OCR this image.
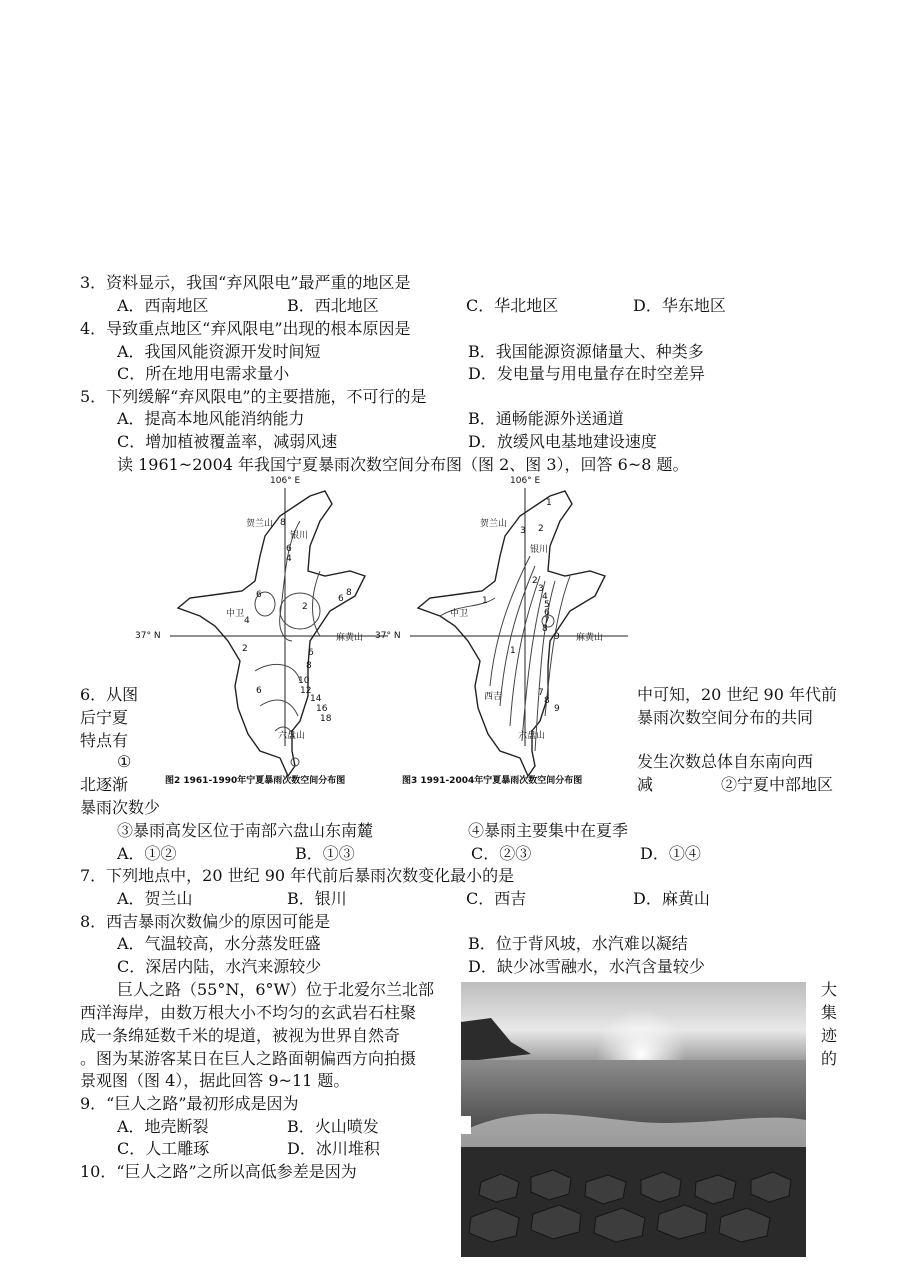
3．资料显示，我国“弃风限电”最严重的地区是
A．西南地区	B．西北地区	C．华北地区	D．华东地区
4．导致重点地区“弃风限电”出现的根本原因是
A．我国风能资源开发时间短	B．我国能源资源储量大、种类多
C．所在地用电需求量小	D．发电量与用电量存在时空差异
5．下列缓解“弃风限电”的主要措施，不可行的是
A．提高本地风能消纳能力	B．通畅能源外送通道
C．增加植被覆盖率，减弱风速	D．放缓风电基地建设速度
读 1961~2004 年我国宁夏暴雨次数空间分布图（图 2、图 3），回答 6~8 题。
106° E
37° N
贺兰山
银川
中卫
麻黄山
六盘山
8
6
4
6
2
6
8
4
6
8
6
10
12
14
16
18
2
106° E
37° N
贺兰山
银川
中卫
麻黄山
西吉
六盘山
1
2
3
1
2
3
4
5
6
7
8
9
1
7
8
9
图2 1961-1990年宁夏暴雨次数空间分布图	图3 1991-2004年宁夏暴雨次数空间分布图
6．从图	中可知，20 世纪 90 年代前
后宁夏	暴雨次数空间分布的共同
特点有
①	发生次数总体自东南向西
北逐渐	减	②宁夏中部地区
暴雨次数少
③暴雨高发区位于南部六盘山东南麓	④暴雨主要集中在夏季
A．①②	B．①③	C．②③	D．①④
7．下列地点中，20 世纪 90 年代前后暴雨次数变化最小的是
A．贺兰山	B．银川	C．西吉	D．麻黄山
8．西吉暴雨次数偏少的原因可能是
A．气温较高，水分蒸发旺盛	B．位于背风坡，水汽难以凝结
C．深居内陆，水汽来源较少	D．缺少冰雪融水，水汽含量较少
巨人之路（55°N，6°W）位于北爱尔兰北部
西洋海岸，由数万根大小不均匀的玄武岩石柱聚
成一条绵延数千米的堤道，被视为世界自然奇
。图为某游客某日在巨人之路面朝偏西方向拍摄
景观图（图 4），据此回答 9~11 题。
大
集
迹
的
9．“巨人之路”最初形成是因为
A．地壳断裂	B．火山喷发
C．人工雕琢	D．冰川堆积
10．“巨人之路”之所以高低参差是因为
